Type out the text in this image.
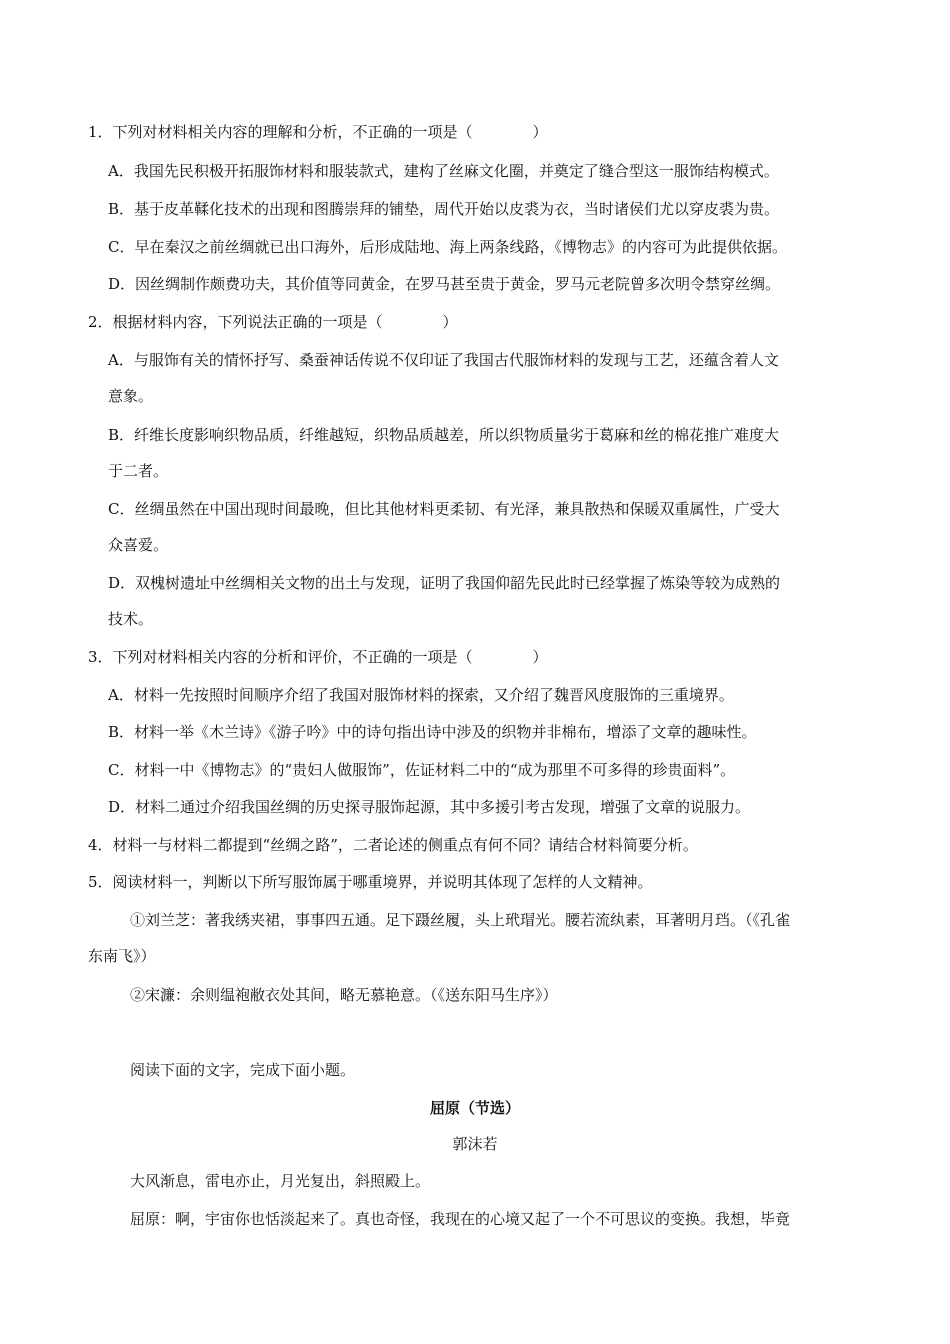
1．下列对材料相关内容的理解和分析，不正确的一项是（　　　　）
A．我国先民积极开拓服饰材料和服装款式，建构了丝麻文化圈，并奠定了缝合型这一服饰结构模式。
B．基于皮革鞣化技术的出现和图腾崇拜的铺垫，周代开始以皮裘为衣，当时诸侯们尤以穿皮裘为贵。
C．早在秦汉之前丝绸就已出口海外，后形成陆地、海上两条线路，《博物志》的内容可为此提供依据。
D．因丝绸制作颇费功夫，其价值等同黄金，在罗马甚至贵于黄金，罗马元老院曾多次明令禁穿丝绸。
2．根据材料内容，下列说法正确的一项是（　　　　）
A．与服饰有关的情怀抒写、桑蚕神话传说不仅印证了我国古代服饰材料的发现与工艺，还蕴含着人文
意象。
B．纤维长度影响织物品质，纤维越短，织物品质越差，所以织物质量劣于葛麻和丝的棉花推广难度大
于二者。
C．丝绸虽然在中国出现时间最晚，但比其他材料更柔韧、有光泽，兼具散热和保暖双重属性，广受大
众喜爱。
D．双槐树遗址中丝绸相关文物的出土与发现，证明了我国仰韶先民此时已经掌握了炼染等较为成熟的
技术。
3．下列对材料相关内容的分析和评价，不正确的一项是（　　　　）
A．材料一先按照时间顺序介绍了我国对服饰材料的探索，又介绍了魏晋风度服饰的三重境界。
B．材料一举《木兰诗》《游子吟》中的诗句指出诗中涉及的织物并非棉布，增添了文章的趣味性。
C．材料一中《博物志》的“贵妇人做服饰”，佐证材料二中的“成为那里不可多得的珍贵面料”。
D．材料二通过介绍我国丝绸的历史探寻服饰起源，其中多援引考古发现，增强了文章的说服力。
4．材料一与材料二都提到“丝绸之路”，二者论述的侧重点有何不同？请结合材料简要分析。
5．阅读材料一，判断以下所写服饰属于哪重境界，并说明其体现了怎样的人文精神。
①刘兰芝：著我绣夹裙，事事四五通。足下蹑丝履，头上玳瑁光。腰若流纨素，耳著明月珰。（《孔雀
东南飞》）
②宋濂：余则缊袍敝衣处其间，略无慕艳意。（《送东阳马生序》）
阅读下面的文字，完成下面小题。
屈原（节选）
郭沫若
大风渐息，雷电亦止，月光复出，斜照殿上。
屈原：啊，宇宙你也恬淡起来了。真也奇怪，我现在的心境又起了一个不可思议的变换。我想，毕竟
